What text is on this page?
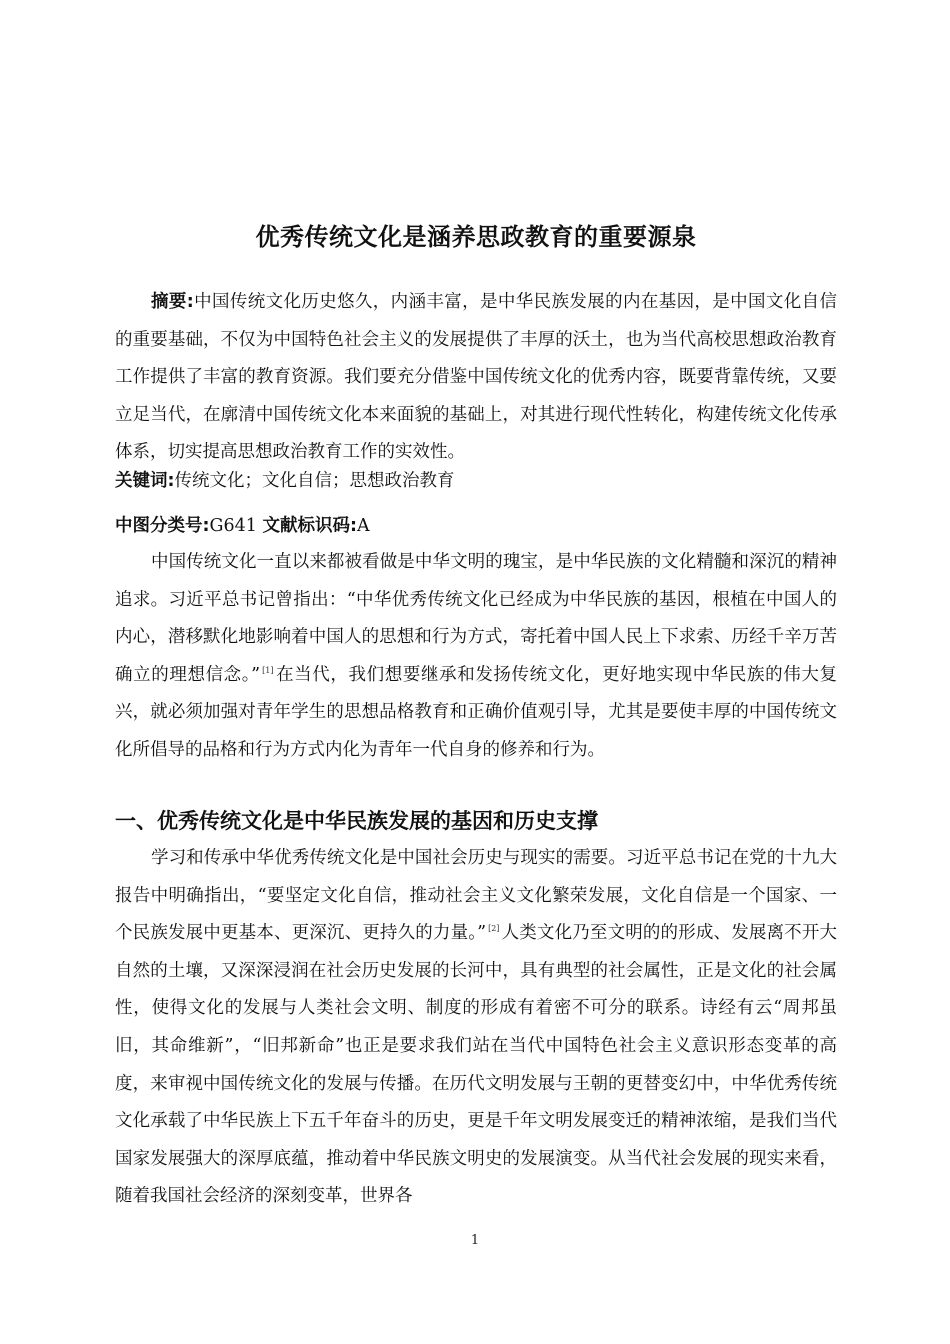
优秀传统文化是涵养思政教育的重要源泉

摘要:中国传统文化历史悠久，内涵丰富，是中华民族发展的内在基因，是中国文化自信的重要基础，不仅为中国特色社会主义的发展提供了丰厚的沃土，也为当代高校思想政治教育工作提供了丰富的教育资源。我们要充分借鉴中国传统文化的优秀内容，既要背靠传统，又要立足当代，在廓清中国传统文化本来面貌的基础上，对其进行现代性转化，构建传统文化传承体系，切实提高思想政治教育工作的实效性。

关键词:传统文化；文化自信；思想政治教育

中图分类号:G641 文献标识码:A

中国传统文化一直以来都被看做是中华文明的瑰宝，是中华民族的文化精髓和深沉的精神追求。习近平总书记曾指出：“中华优秀传统文化已经成为中华民族的基因，根植在中国人的内心，潜移默化地影响着中国人的思想和行为方式，寄托着中国人民上下求索、历经千辛万苦确立的理想信念。” [1] 在当代，我们想要继承和发扬传统文化，更好地实现中华民族的伟大复兴，就必须加强对青年学生的思想品格教育和正确价值观引导，尤其是要使丰厚的中国传统文化所倡导的品格和行为方式内化为青年一代自身的修养和行为。

一、优秀传统文化是中华民族发展的基因和历史支撑

学习和传承中华优秀传统文化是中国社会历史与现实的需要。习近平总书记在党的十九大报告中明确指出，“要坚定文化自信，推动社会主义文化繁荣发展，文化自信是一个国家、一个民族发展中更基本、更深沉、更持久的力量。” [2] 人类文化乃至文明的的形成、发展离不开大自然的土壤，又深深浸润在社会历史发展的长河中，具有典型的社会属性，正是文化的社会属性，使得文化的发展与人类社会文明、制度的形成有着密不可分的联系。诗经有云“周邦虽旧，其命维新”，“旧邦新命”也正是要求我们站在当代中国特色社会主义意识形态变革的高度，来审视中国传统文化的发展与传播。在历代文明发展与王朝的更替变幻中，中华优秀传统文化承载了中华民族上下五千年奋斗的历史，更是千年文明发展变迁的精神浓缩，是我们当代国家发展强大的深厚底蕴，推动着中华民族文明史的发展演变。从当代社会发展的现实来看，随着我国社会经济的深刻变革，世界各

1
